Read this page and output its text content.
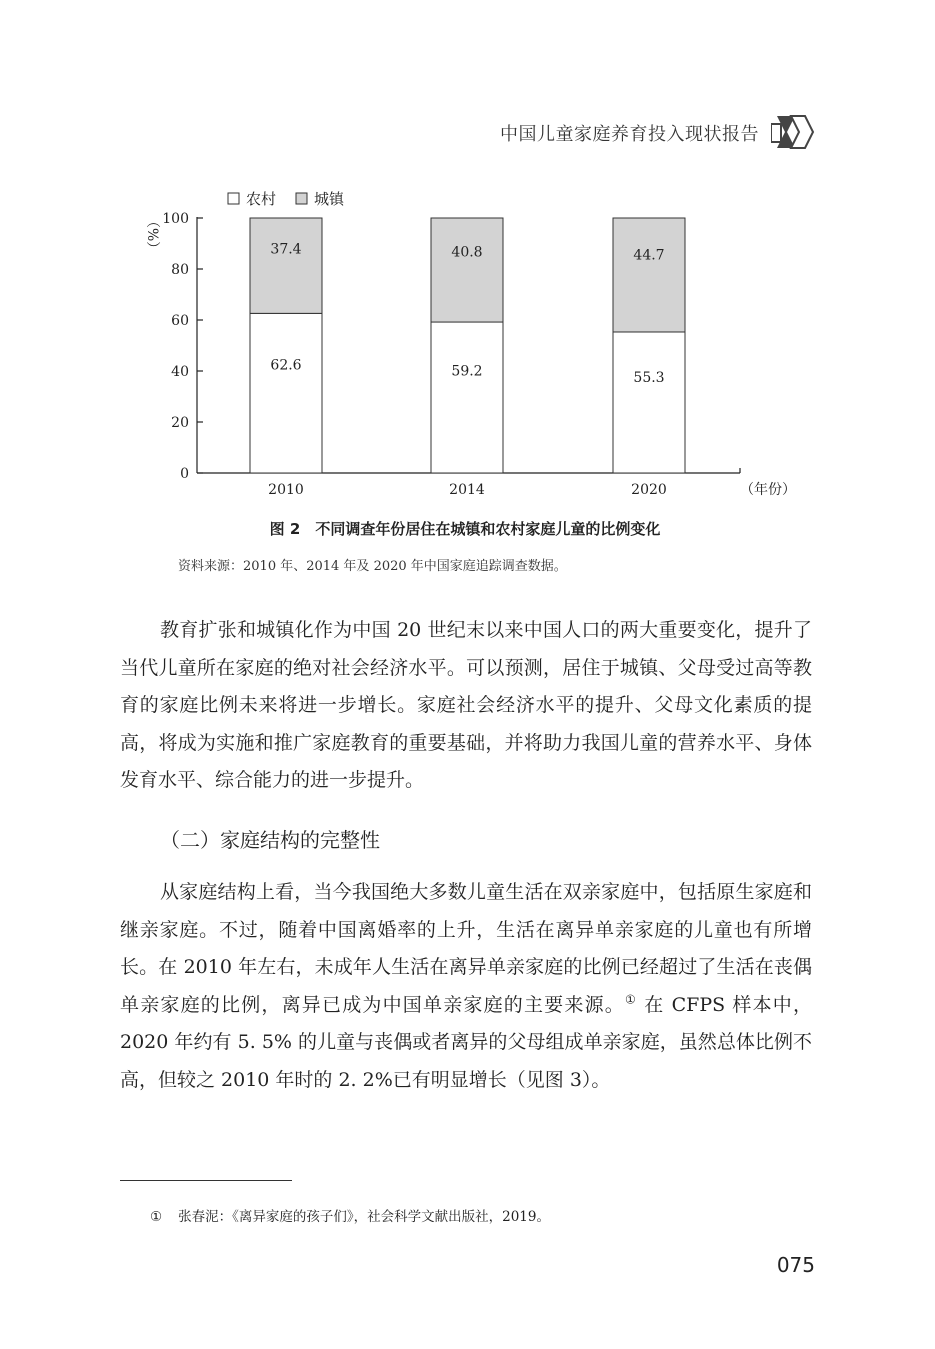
中国儿童家庭养育投入现状报告
农村	城镇
（%）
0
20
40
60
80
100
2010	2014	2020
62.6
37.4
59.2
40.8
55.3
44.7
（年份）
图 2　不同调查年份居住在城镇和农村家庭儿童的比例变化
资料来源：2010 年、2014 年及 2020 年中国家庭追踪调查数据。
教育扩张和城镇化作为中国 20 世纪末以来中国人口的两大重要变化，提升了当代儿童所在家庭的绝对社会经济水平。可以预测，居住于城镇、父母受过高等教育的家庭比例未来将进一步增长。家庭社会经济水平的提升、父母文化素质的提高，将成为实施和推广家庭教育的重要基础，并将助力我国儿童的营养水平、身体发育水平、综合能力的进一步提升。
（二）家庭结构的完整性
从家庭结构上看，当今我国绝大多数儿童生活在双亲家庭中，包括原生家庭和继亲家庭。不过，随着中国离婚率的上升，生活在离异单亲家庭的儿童也有所增长。在 2010 年左右，未成年人生活在离异单亲家庭的比例已经超过了生活在丧偶单亲家庭的比例，离异已成为中国单亲家庭的主要来源。① 在 CFPS 样本中，2020 年约有 5. 5% 的儿童与丧偶或者离异的父母组成单亲家庭，虽然总体比例不高，但较之 2010 年时的 2. 2%已有明显增长（见图 3）。
① 张春泥：《离异家庭的孩子们》，社会科学文献出版社，2019。
075
